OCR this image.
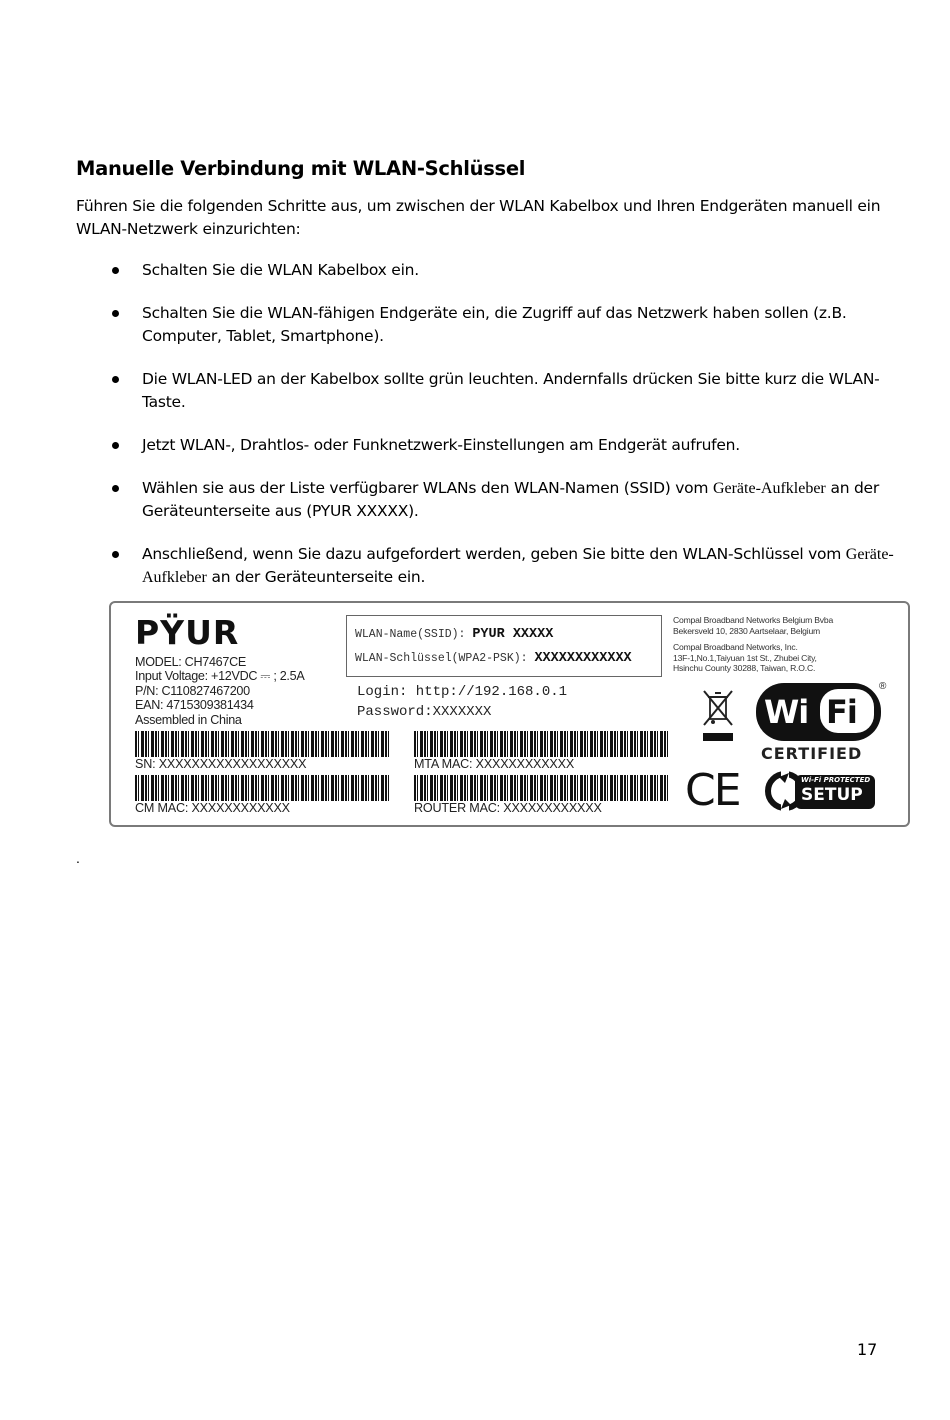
Manuelle Verbindung mit WLAN-Schlüssel
Führen Sie die folgenden Schritte aus, um zwischen der WLAN Kabelbox und Ihren Endgeräten manuell ein WLAN-Netzwerk einzurichten:
Schalten Sie die WLAN Kabelbox ein.
Schalten Sie die WLAN-fähigen Endgeräte ein, die Zugriff auf das Netzwerk haben sollen (z.B. Computer, Tablet, Smartphone).
Die WLAN-LED an der Kabelbox sollte grün leuchten. Andernfalls drücken Sie bitte kurz die WLAN-Taste.
Jetzt WLAN-, Drahtlos- oder Funknetzwerk-Einstellungen am Endgerät aufrufen.
Wählen sie aus der Liste verfügbarer WLANs den WLAN-Namen (SSID) vom Geräte-Aufkleber an der Geräteunterseite aus (PYUR XXXXX).
Anschließend, wenn Sie dazu aufgefordert werden, geben Sie bitte den WLAN-Schlüssel vom Geräte-Aufkleber an der Geräteunterseite ein.
PŸUR
MODEL: CH7467CE
Input Voltage: +12VDC ⎓ ; 2.5A
P/N: C110827467200
EAN: 4715309381434
Assembled in China
WLAN-Name(SSID): PYUR XXXXX
WLAN-Schlüssel(WPA2-PSK): XXXXXXXXXXXX
Login: http://192.168.0.1
Password:XXXXXXX
Compal Broadband Networks Belgium Bvba
Bekersveld 10, 2830 Aartselaar, Belgium
Compal Broadband Networks, Inc.
13F-1,No.1,Taiyuan 1st St., Zhubei City,
Hsinchu County 30288, Taiwan, R.O.C.
SN: XXXXXXXXXXXXXXXXXX
CM MAC: XXXXXXXXXXXX
MTA MAC: XXXXXXXXXXXX
ROUTER MAC: XXXXXXXXXXXX
Wi Fi
®
CERTIFIED
CE	Wi-Fi PROTECTED
SETUP
.
17
